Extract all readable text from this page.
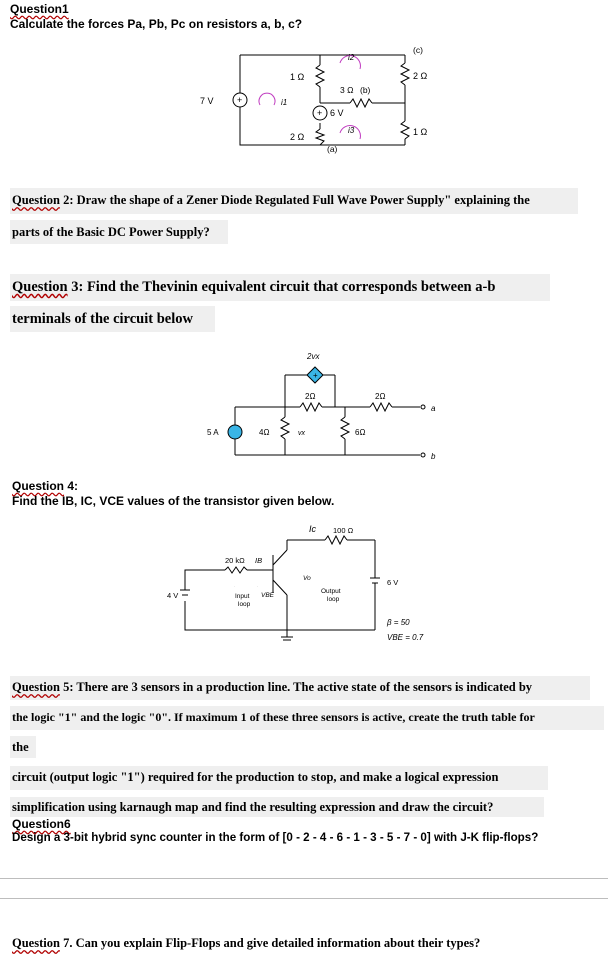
Question1
Calculate the forces Pa, Pb, Pc on resistors a, b, c?
+
+
7 V
1 Ω
2 Ω
3 Ω (b)
6 V
(c)
2 Ω
1 Ω
(a)
i1
i2
i3
Question 2: Draw the shape of a Zener Diode Regulated Full Wave Power Supply" explaining the
parts of the Basic DC Power Supply?
Question 3: Find the Thevinin equivalent circuit that corresponds between a-b
terminals of the circuit below
+
2vx
2Ω	2Ω
6Ω
4Ω
5 A	vx
a
b
Question 4:
Find the IB, IC, VCE values of the transistor given below.
Ic 100 Ω
20 kΩ IB
VBE
Vo
Input
loop
Output
loop
4 V
6 V
β = 50
VBE = 0.7
Question 5: There are 3 sensors in a production line. The active state of the sensors is indicated by
the logic "1" and the logic "0". If maximum 1 of these three sensors is active, create the truth table for
the
circuit (output logic "1") required for the production to stop, and make a logical expression
simplification using karnaugh map and find the resulting expression and draw the circuit?
Question6
Design a 3-bit hybrid sync counter in the form of [0 - 2 - 4 - 6 - 1 - 3 - 5 - 7 - 0] with J-K flip-flops?
Question 7. Can you explain Flip-Flops and give detailed information about their types?
